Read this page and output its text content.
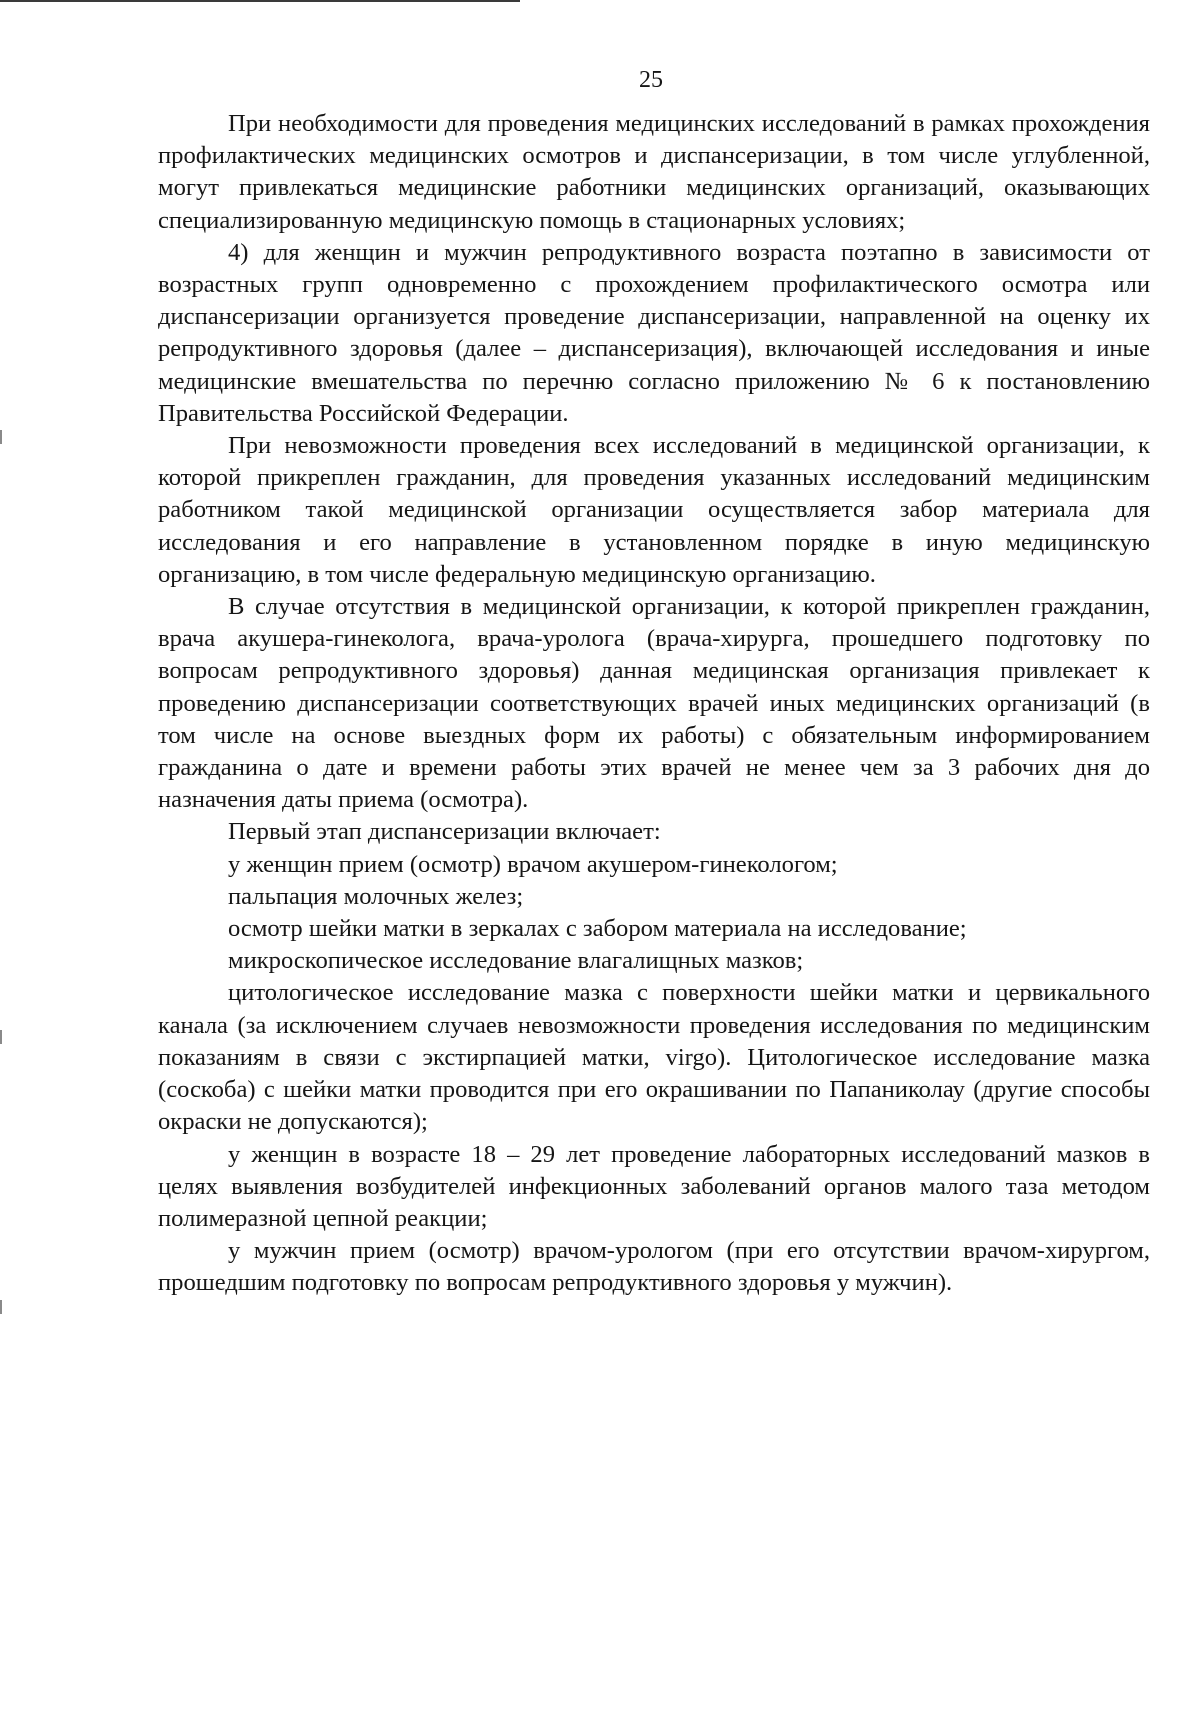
25

При необходимости для проведения медицинских исследований в рамках прохождения профилактических медицинских осмотров и диспансеризации, в том числе углубленной, могут привлекаться медицинские работники медицинских организаций, оказывающих специализированную медицинскую помощь в стационарных условиях;

4) для женщин и мужчин репродуктивного возраста поэтапно в зависимости от возрастных групп одновременно с прохождением профилактического осмотра или диспансеризации организуется проведение диспансеризации, направленной на оценку их репродуктивного здоровья (далее – диспансеризация), включающей исследования и иные медицинские вмешательства по перечню согласно приложению № 6 к постановлению Правительства Российской Федерации.

При невозможности проведения всех исследований в медицинской организации, к которой прикреплен гражданин, для проведения указанных исследований медицинским работником такой медицинской организации осуществляется забор материала для исследования и его направление в установленном порядке в иную медицинскую организацию, в том числе федеральную медицинскую организацию.

В случае отсутствия в медицинской организации, к которой прикреплен гражданин, врача акушера-гинеколога, врача-уролога (врача-хирурга, прошедшего подготовку по вопросам репродуктивного здоровья) данная медицинская организация привлекает к проведению диспансеризации соответствующих врачей иных медицинских организаций (в том числе на основе выездных форм их работы) с обязательным информированием гражданина о дате и времени работы этих врачей не менее чем за 3 рабочих дня до назначения даты приема (осмотра).

Первый этап диспансеризации включает:

у женщин прием (осмотр) врачом акушером-гинекологом;

пальпация молочных желез;

осмотр шейки матки в зеркалах с забором материала на исследование;

микроскопическое исследование влагалищных мазков;

цитологическое исследование мазка с поверхности шейки матки и цервикального канала (за исключением случаев невозможности проведения исследования по медицинским показаниям в связи с экстирпацией матки, virgo). Цитологическое исследование мазка (соскоба) с шейки матки проводится при его окрашивании по Папаниколау (другие способы окраски не допускаются);

у женщин в возрасте 18 – 29 лет проведение лабораторных исследований мазков в целях выявления возбудителей инфекционных заболеваний органов малого таза методом полимеразной цепной реакции;

у мужчин прием (осмотр) врачом-урологом (при его отсутствии врачом-хирургом, прошедшим подготовку по вопросам репродуктивного здоровья у мужчин).
